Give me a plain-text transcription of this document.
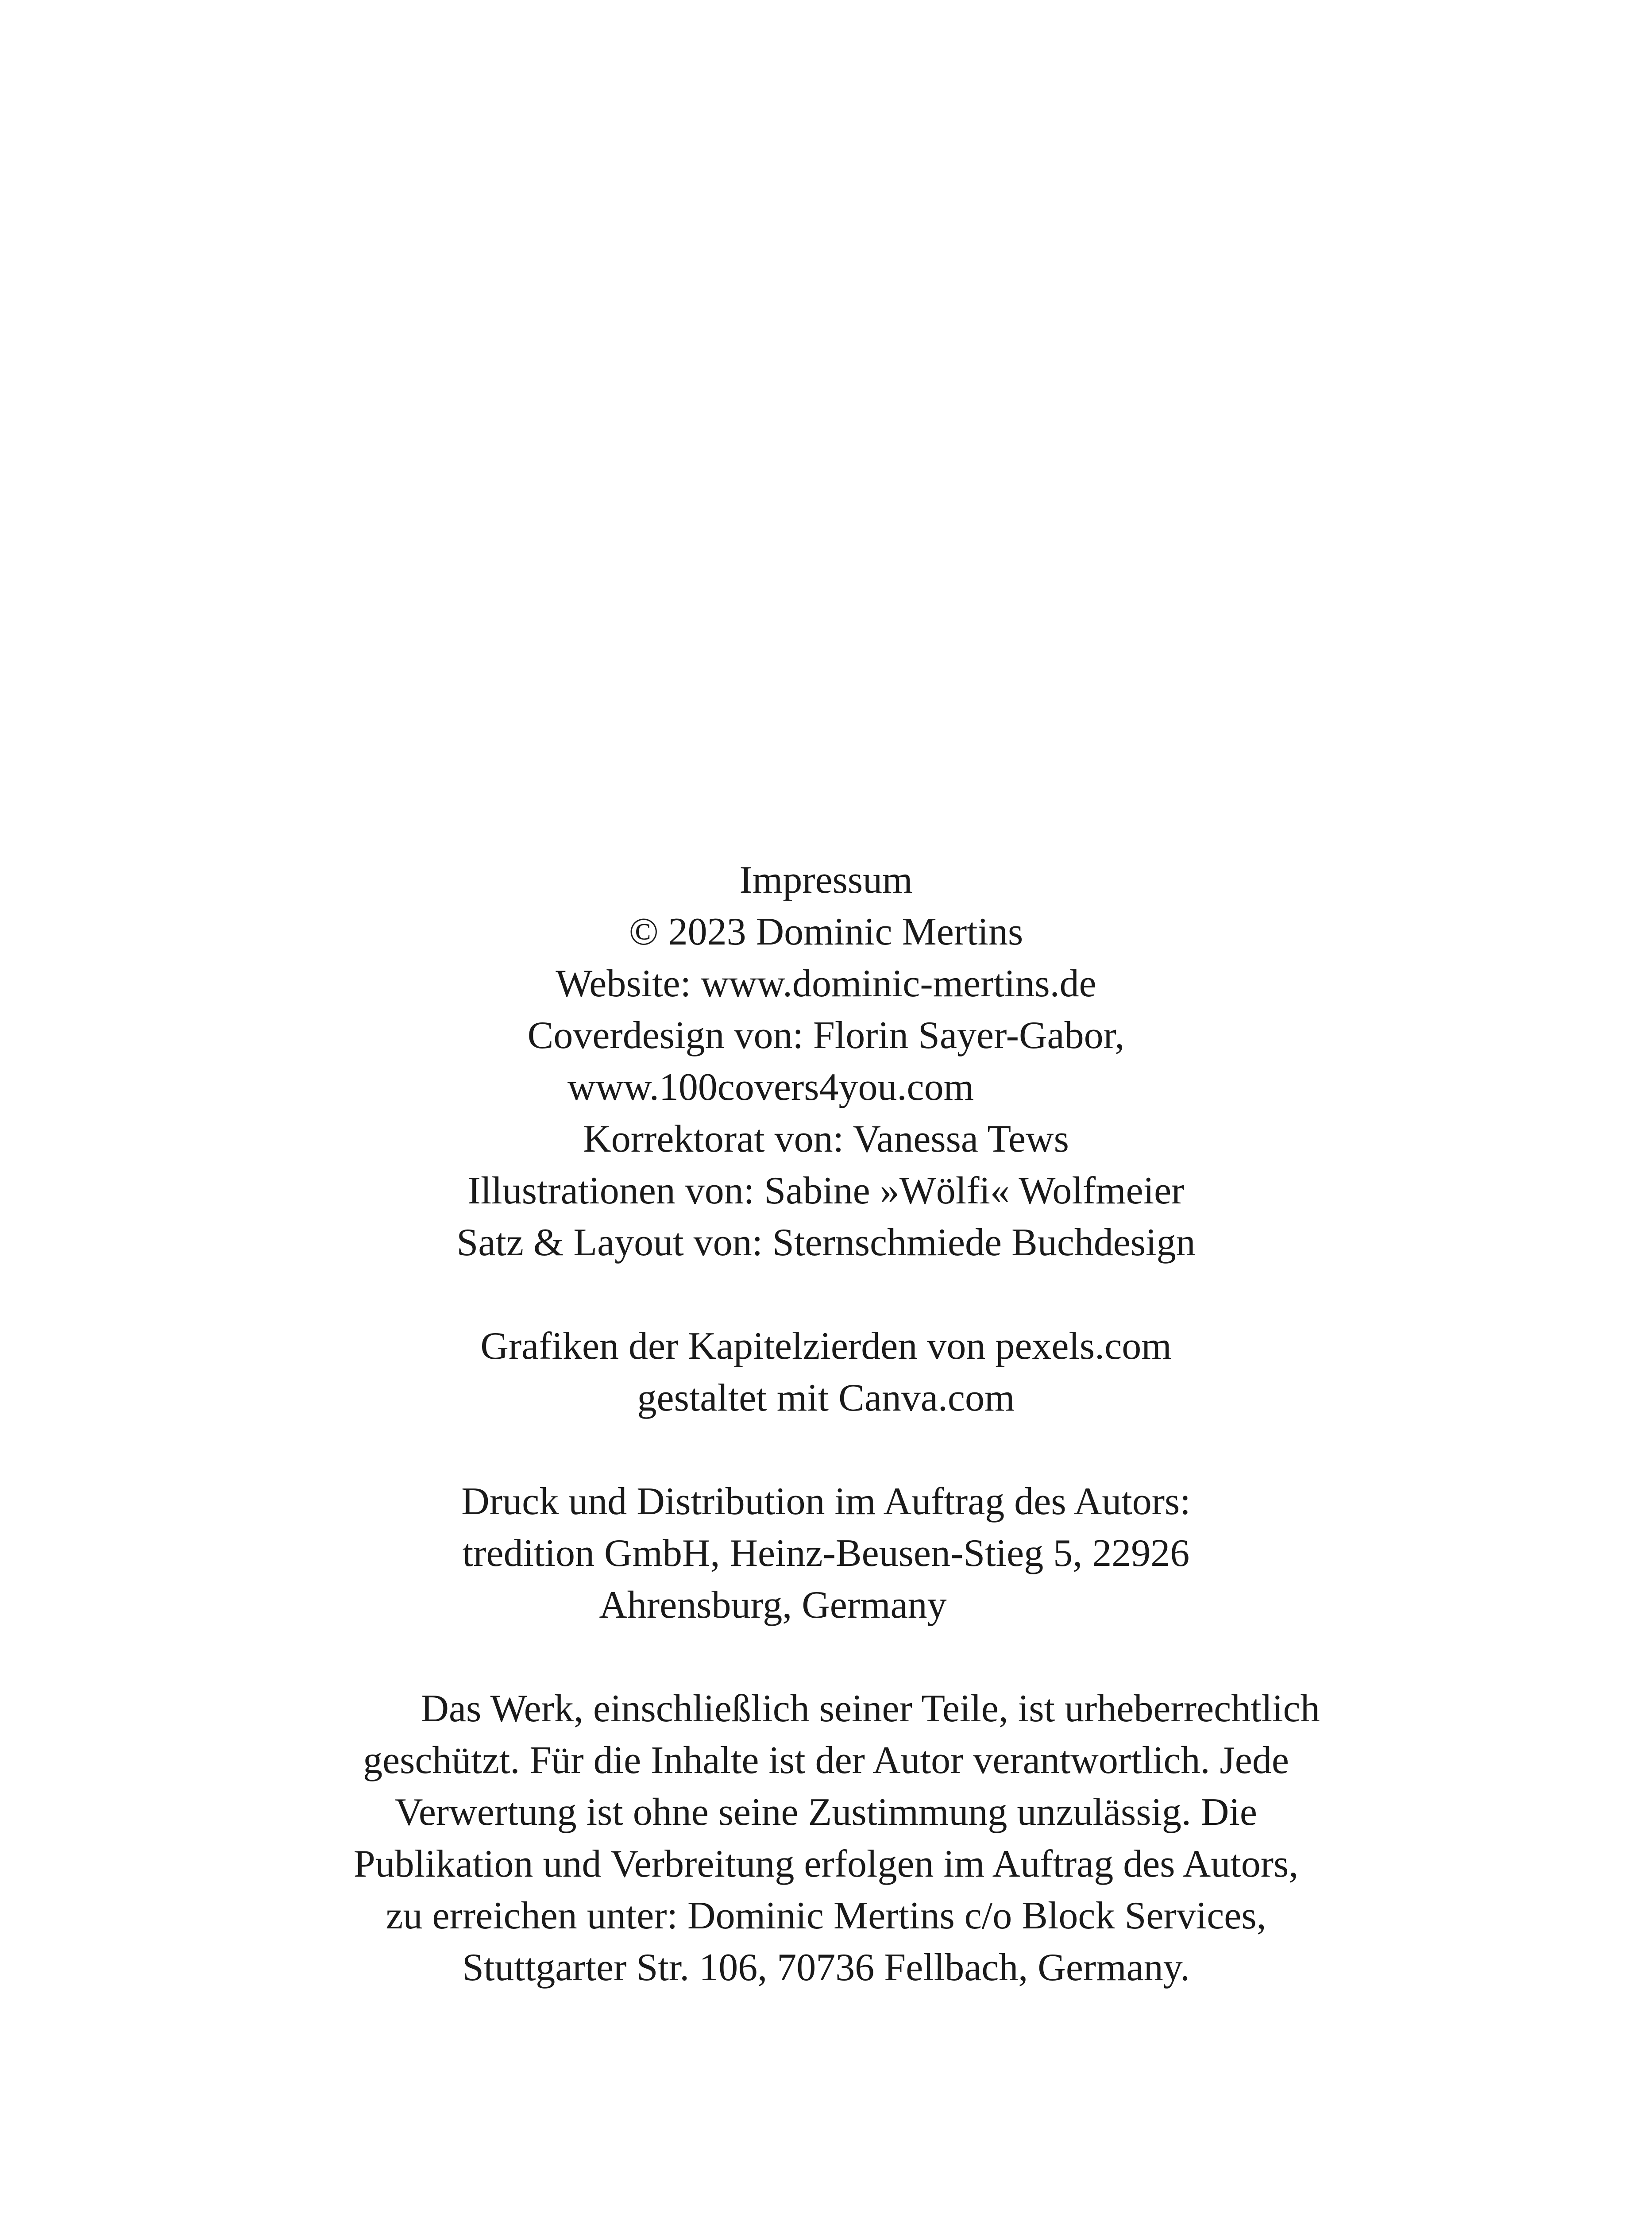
Impressum
© 2023 Dominic Mertins
Website: www.dominic-mertins.de
Coverdesign von: Florin Sayer-Gabor,
www.100covers4you.com
Korrektorat von: Vanessa Tews
Illustrationen von: Sabine »Wölfi« Wolfmeier
Satz & Layout von: Sternschmiede Buchdesign
Grafiken der Kapitelzierden von pexels.com
gestaltet mit Canva.com
Druck und Distribution im Auftrag des Autors:
tredition GmbH, Heinz-Beusen-Stieg 5, 22926
Ahrensburg, Germany
Das Werk, einschließlich seiner Teile, ist urheberrechtlich
geschützt. Für die Inhalte ist der Autor verantwortlich. Jede
Verwertung ist ohne seine Zustimmung unzulässig. Die
Publikation und Verbreitung erfolgen im Auftrag des Autors,
zu erreichen unter: Dominic Mertins c/o Block Services,
Stuttgarter Str. 106, 70736 Fellbach, Germany.
